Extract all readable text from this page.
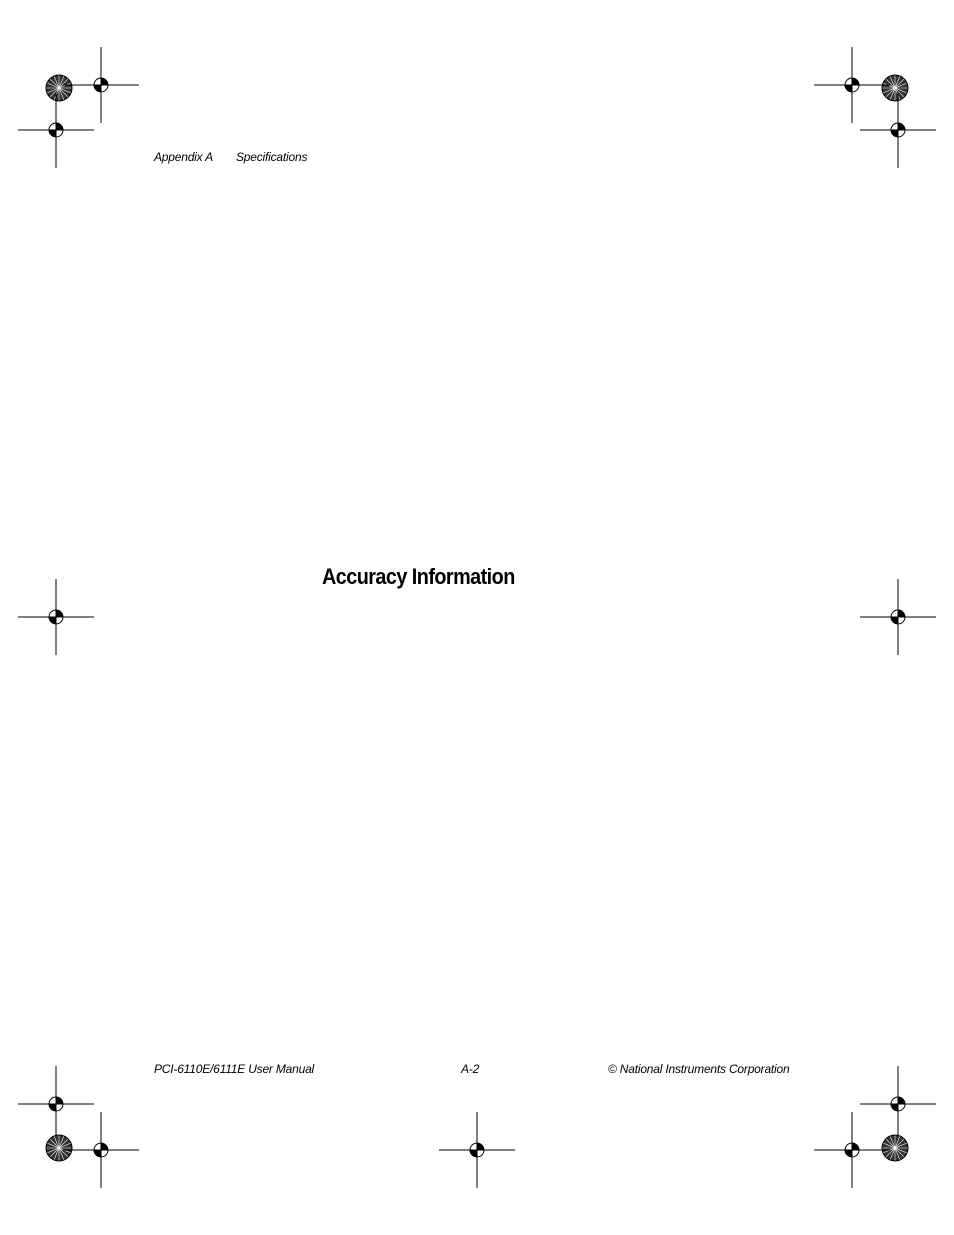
Appendix A Specifications
Accuracy Information
PCI-6110E/6111E User Manual	A-2	© National Instruments Corporation
